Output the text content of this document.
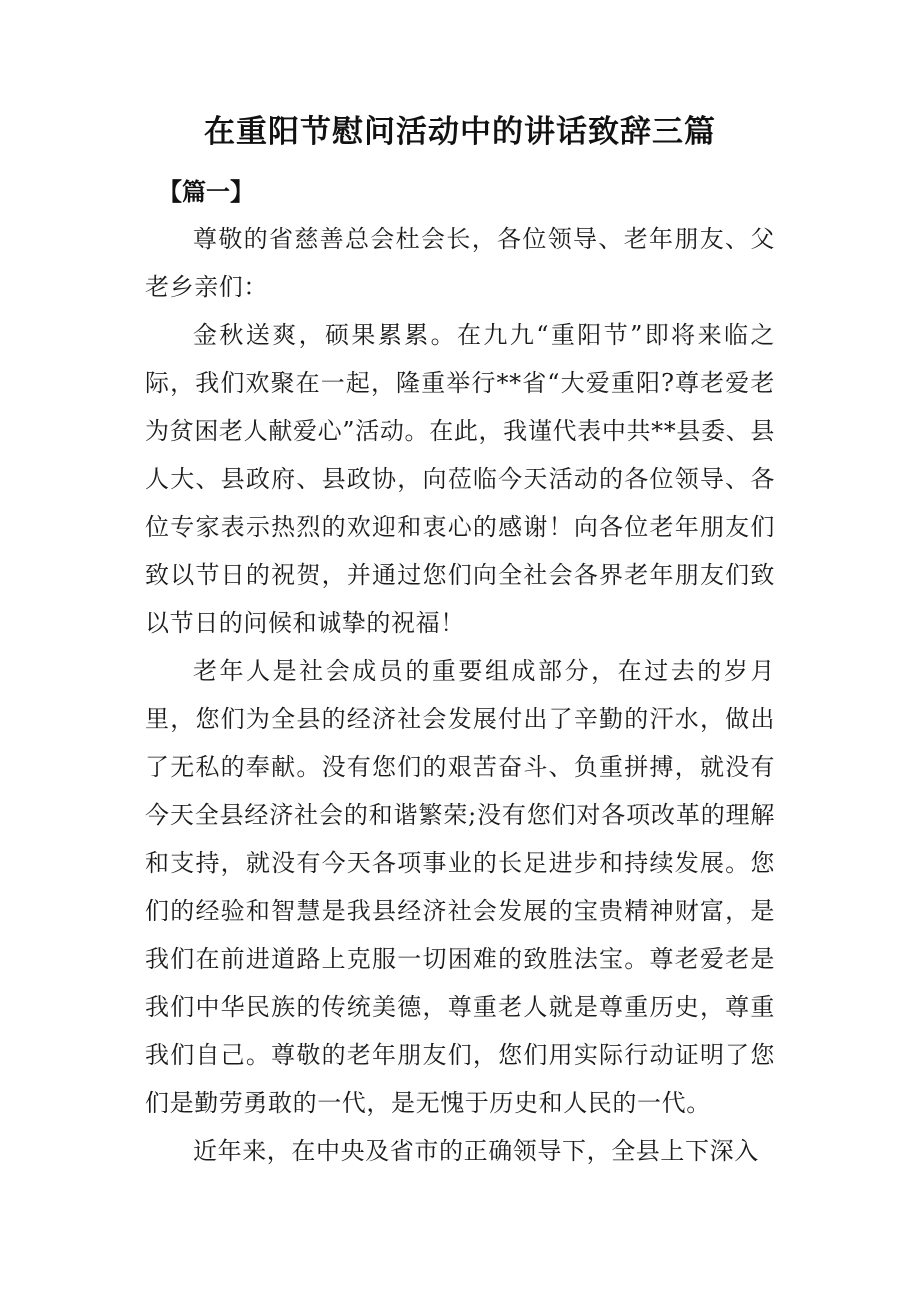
在重阳节慰问活动中的讲话致辞三篇
【篇一】

尊敬的省慈善总会杜会长，各位领导、老年朋友、父老乡亲们：

金秋送爽，硕果累累。在九九“重阳节”即将来临之际，我们欢聚在一起，隆重举行**省“大爱重阳?尊老爱老为贫困老人献爱心”活动。在此，我谨代表中共**县委、县人大、县政府、县政协，向莅临今天活动的各位领导、各位专家表示热烈的欢迎和衷心的感谢！向各位老年朋友们致以节日的祝贺，并通过您们向全社会各界老年朋友们致以节日的问候和诚挚的祝福！

老年人是社会成员的重要组成部分，在过去的岁月里，您们为全县的经济社会发展付出了辛勤的汗水，做出了无私的奉献。没有您们的艰苦奋斗、负重拼搏，就没有今天全县经济社会的和谐繁荣;没有您们对各项改革的理解和支持，就没有今天各项事业的长足进步和持续发展。您们的经验和智慧是我县经济社会发展的宝贵精神财富，是我们在前进道路上克服一切困难的致胜法宝。尊老爱老是我们中华民族的传统美德，尊重老人就是尊重历史，尊重我们自己。尊敬的老年朋友们，您们用实际行动证明了您们是勤劳勇敢的一代，是无愧于历史和人民的一代。

近年来，在中央及省市的正确领导下，全县上下深入
